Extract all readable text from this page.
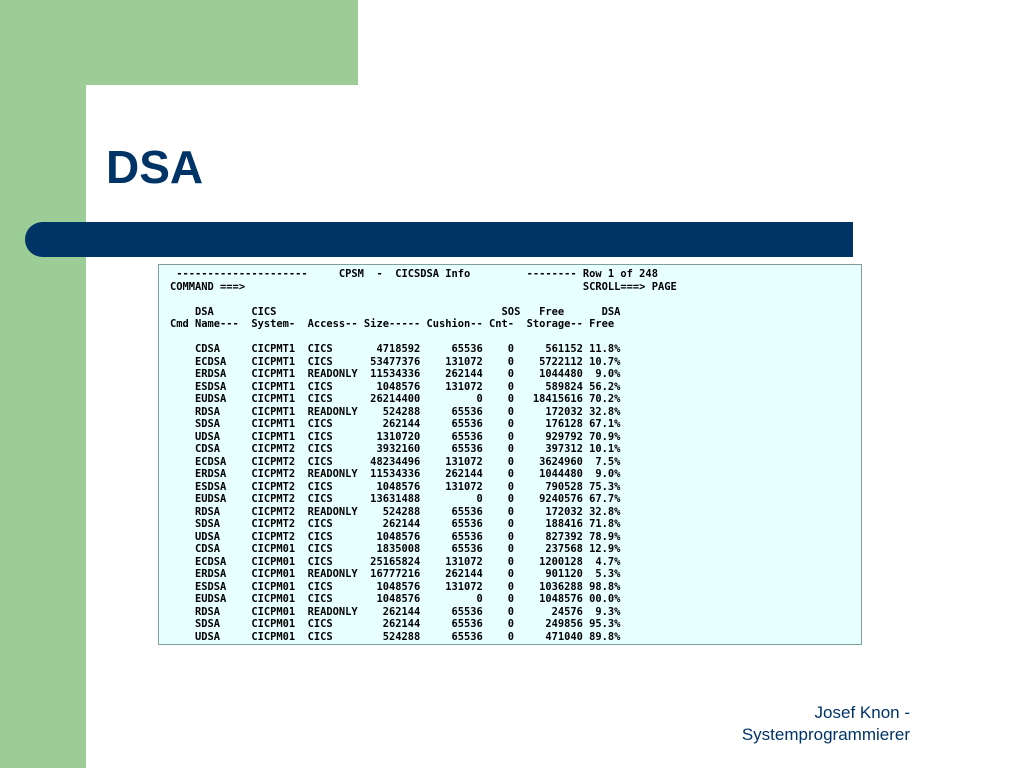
DSA
---------------------     CPSM  -  CICSDSA Info         -------- Row 1 of 248
COMMAND ===>                                                      SCROLL===> PAGE

DSA      CICS                                    SOS   Free      DSA
Cmd Name---  System-  Access-- Size----- Cushion-- Cnt-  Storage-- Free

CDSA     CICPMT1  CICS       4718592     65536    0     561152 11.8%
ECDSA    CICPMT1  CICS      53477376    131072    0    5722112 10.7%
ERDSA    CICPMT1  READONLY  11534336    262144    0    1044480  9.0%
ESDSA    CICPMT1  CICS       1048576    131072    0     589824 56.2%
EUDSA    CICPMT1  CICS      26214400         0    0   18415616 70.2%
RDSA     CICPMT1  READONLY    524288     65536    0     172032 32.8%
SDSA     CICPMT1  CICS        262144     65536    0     176128 67.1%
UDSA     CICPMT1  CICS       1310720     65536    0     929792 70.9%
CDSA     CICPMT2  CICS       3932160     65536    0     397312 10.1%
ECDSA    CICPMT2  CICS      48234496    131072    0    3624960  7.5%
ERDSA    CICPMT2  READONLY  11534336    262144    0    1044480  9.0%
ESDSA    CICPMT2  CICS       1048576    131072    0     790528 75.3%
EUDSA    CICPMT2  CICS      13631488         0    0    9240576 67.7%
RDSA     CICPMT2  READONLY    524288     65536    0     172032 32.8%
SDSA     CICPMT2  CICS        262144     65536    0     188416 71.8%
UDSA     CICPMT2  CICS       1048576     65536    0     827392 78.9%
CDSA     CICPM01  CICS       1835008     65536    0     237568 12.9%
ECDSA    CICPM01  CICS      25165824    131072    0    1200128  4.7%
ERDSA    CICPM01  READONLY  16777216    262144    0     901120  5.3%
ESDSA    CICPM01  CICS       1048576    131072    0    1036288 98.8%
EUDSA    CICPM01  CICS       1048576         0    0    1048576 00.0%
RDSA     CICPM01  READONLY    262144     65536    0      24576  9.3%
SDSA     CICPM01  CICS        262144     65536    0     249856 95.3%
UDSA     CICPM01  CICS        524288     65536    0     471040 89.8%
Josef Knon -
Systemprogrammierer
